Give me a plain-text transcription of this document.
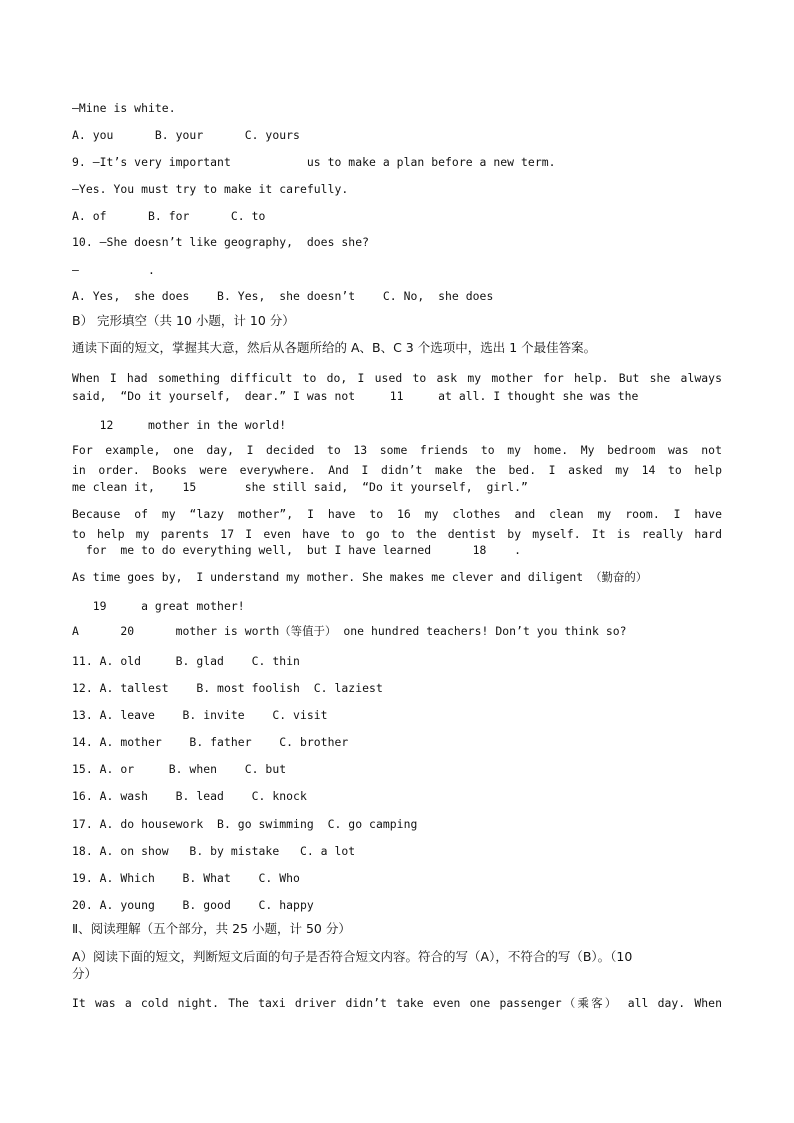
—Mine is white.
A. you      B. your      C. yours
9. —It’s very important           us to make a plan before a new term.
—Yes. You must try to make it carefully.
A. of      B. for      C. to
10. —She doesn’t like geography,  does she?
—          .
A. Yes,  she does    B. Yes,  she doesn’t    C. No,  she does
B） 完形填空（共 10 小题，计 10 分）
通读下面的短文，掌握其大意，然后从各题所给的 A、B、C 3 个选项中，选出 1 个最佳答案。
When I had something difficult to do, I used to ask my mother for help. But she always
said,  “Do it yourself,  dear.” I was not     11     at all. I thought she was the
12     mother in the world!
For example, one day, I decided to 13 some friends to my home. My bedroom was not
in order. Books were everywhere. And I didn’t make the bed. I asked my 14 to help
me clean it,    15       she still said,  “Do it yourself,  girl.”
Because of my “lazy mother”, I have to 16 my clothes and clean my room. I have
to help my parents 17 I even have to go to the dentist by myself. It is really hard
for  me to do everything well,  but I have learned      18    .
As time goes by,  I understand my mother. She makes me clever and diligent （勤奋的）
19     a great mother!
A      20      mother is worth（等值于） one hundred teachers! Don’t you think so?
11. A. old     B. glad    C. thin
12. A. tallest    B. most foolish  C. laziest
13. A. leave    B. invite    C. visit
14. A. mother    B. father    C. brother
15. A. or     B. when    C. but
16. A. wash    B. lead    C. knock
17. A. do housework  B. go swimming  C. go camping
18. A. on show   B. by mistake   C. a lot
19. A. Which    B. What    C. Who
20. A. young    B. good    C. happy
Ⅱ、阅读理解（五个部分，共 25 小题，计 50 分）
A）阅读下面的短文，判断短文后面的句子是否符合短文内容。符合的写（A），不符合的写（B）。（10
分）
It was a cold night. The taxi driver didn’t take even one passenger（乘客） all day. When
